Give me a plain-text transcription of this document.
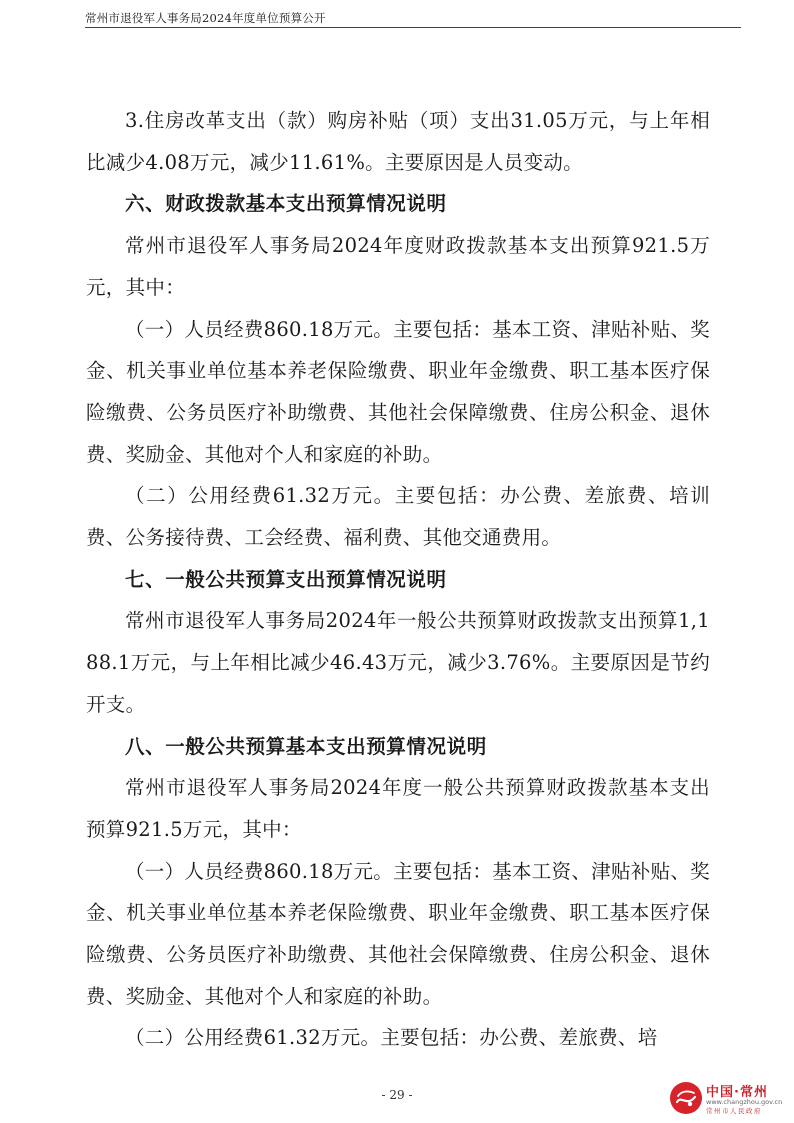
常州市退役军人事务局2024年度单位预算公开

3.住房改革支出（款）购房补贴（项）支出31.05万元，与上年相比减少4.08万元，减少11.61%。主要原因是人员变动。

六、财政拨款基本支出预算情况说明

常州市退役军人事务局2024年度财政拨款基本支出预算921.5万元，其中：

（一）人员经费860.18万元。主要包括：基本工资、津贴补贴、奖金、机关事业单位基本养老保险缴费、职业年金缴费、职工基本医疗保险缴费、公务员医疗补助缴费、其他社会保障缴费、住房公积金、退休费、奖励金、其他对个人和家庭的补助。

（二）公用经费61.32万元。主要包括：办公费、差旅费、培训费、公务接待费、工会经费、福利费、其他交通费用。

七、一般公共预算支出预算情况说明

常州市退役军人事务局2024年一般公共预算财政拨款支出预算1,188.1万元，与上年相比减少46.43万元，减少3.76%。主要原因是节约开支。

八、一般公共预算基本支出预算情况说明

常州市退役军人事务局2024年度一般公共预算财政拨款基本支出预算921.5万元，其中：

（一）人员经费860.18万元。主要包括：基本工资、津贴补贴、奖金、机关事业单位基本养老保险缴费、职业年金缴费、职工基本医疗保险缴费、公务员医疗补助缴费、其他社会保障缴费、住房公积金、退休费、奖励金、其他对个人和家庭的补助。

（二）公用经费61.32万元。主要包括：办公费、差旅费、培

- 29 -	中国·常州
www.changzhou.gov.cn
常州市人民政府
